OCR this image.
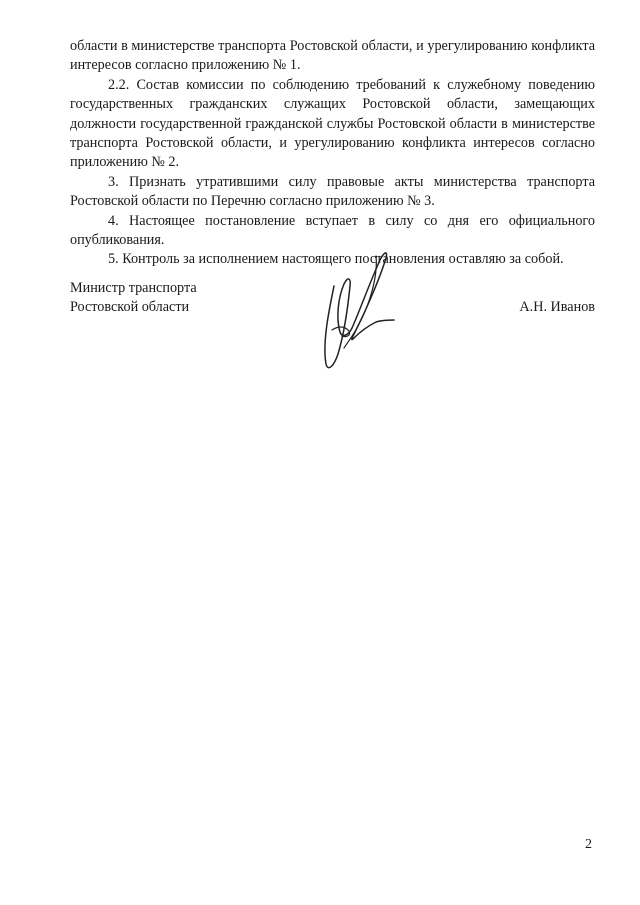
области в министерстве транспорта Ростовской области, и урегулированию конфликта интересов согласно приложению № 1.

2.2. Состав комиссии по соблюдению требований к служебному поведению государственных гражданских служащих Ростовской области, замещающих должности государственной гражданской службы Ростовской области в министерстве транспорта Ростовской области, и урегулированию конфликта интересов согласно приложению № 2.

3. Признать утратившими силу правовые акты министерства транспорта Ростовской области по Перечню согласно приложению № 3.

4. Настоящее постановление вступает в силу со дня его официального опубликования.

5. Контроль за исполнением настоящего постановления оставляю за собой.

Министр транспорта
Ростовской области	А.Н. Иванов
2
